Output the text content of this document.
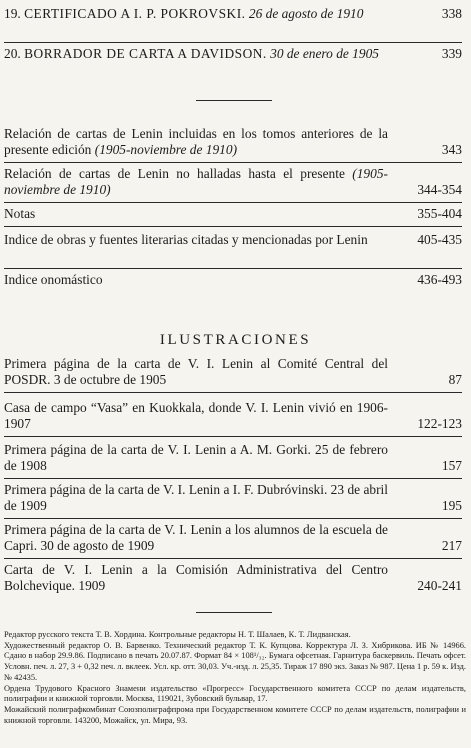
19. CERTIFICADO A I. P. POKROVSKI. 26 de agosto de 1910	338
20. BORRADOR DE CARTA A DAVIDSON. 30 de enero de 1905	339
Relación de cartas de Lenin incluidas en los tomos anteriores de la presente edición (1905-noviembre de 1910)	343
Relación de cartas de Lenin no halladas hasta el presente (1905-noviembre de 1910)	344-354
Notas	355-404
Indice de obras y fuentes literarias citadas y mencionadas por Lenin	405-435
Indice onomástico	436-493
ILUSTRACIONES
Primera página de la carta de V. I. Lenin al Comité Central del POSDR. 3 de octubre de 1905	87
Casa de campo “Vasa” en Kuokkala, donde V. I. Lenin vivió en 1906-1907	122-123
Primera página de la carta de V. I. Lenin a A. M. Gorki. 25 de febrero de 1908	157
Primera página de la carta de V. I. Lenin a I. F. Dubróvinski. 23 de abril de 1909	195
Primera página de la carta de V. I. Lenin a los alumnos de la escuela de Capri. 30 de agosto de 1909	217
Carta de V. I. Lenin a la Comisión Administrativa del Centro Bolchevique. 1909	240-241

Редактор русского текста Т. В. Хордина. Контрольные редакторы Н. Т. Шалаев, К. Т. Лидванская.

Художественный редактор О. В. Барвенко. Технический редактор Т. К. Купцова. Корректура Л. З. Хибрикова. ИБ № 14966. Сдано в набор 29.9.86. Подписано в печать 20.07.87. Формат 84 × 108¹/₃₂. Бумага офсетная. Гарнитура баскервиль. Печать офсет. Условн. печ. л. 27, 3 + 0,32 печ. л. вклеек. Усл. кр. отт. 30,03. Уч.-изд. л. 25,35. Тираж 17 890 экз. Заказ № 987. Цена 1 р. 59 к. Изд. № 42435.

Ордена Трудового Красного Знамени издательство «Прогресс» Государственного комитета СССР по делам издательств, полиграфии и книжной торговли. Москва, 119021, Зубовский бульвар, 17.

Можайский полиграфкомбинат Союзполиграфпрома при Государственном комитете СССР по делам издательств, полиграфии и книжной торговли. 143200, Можайск, ул. Мира, 93.
